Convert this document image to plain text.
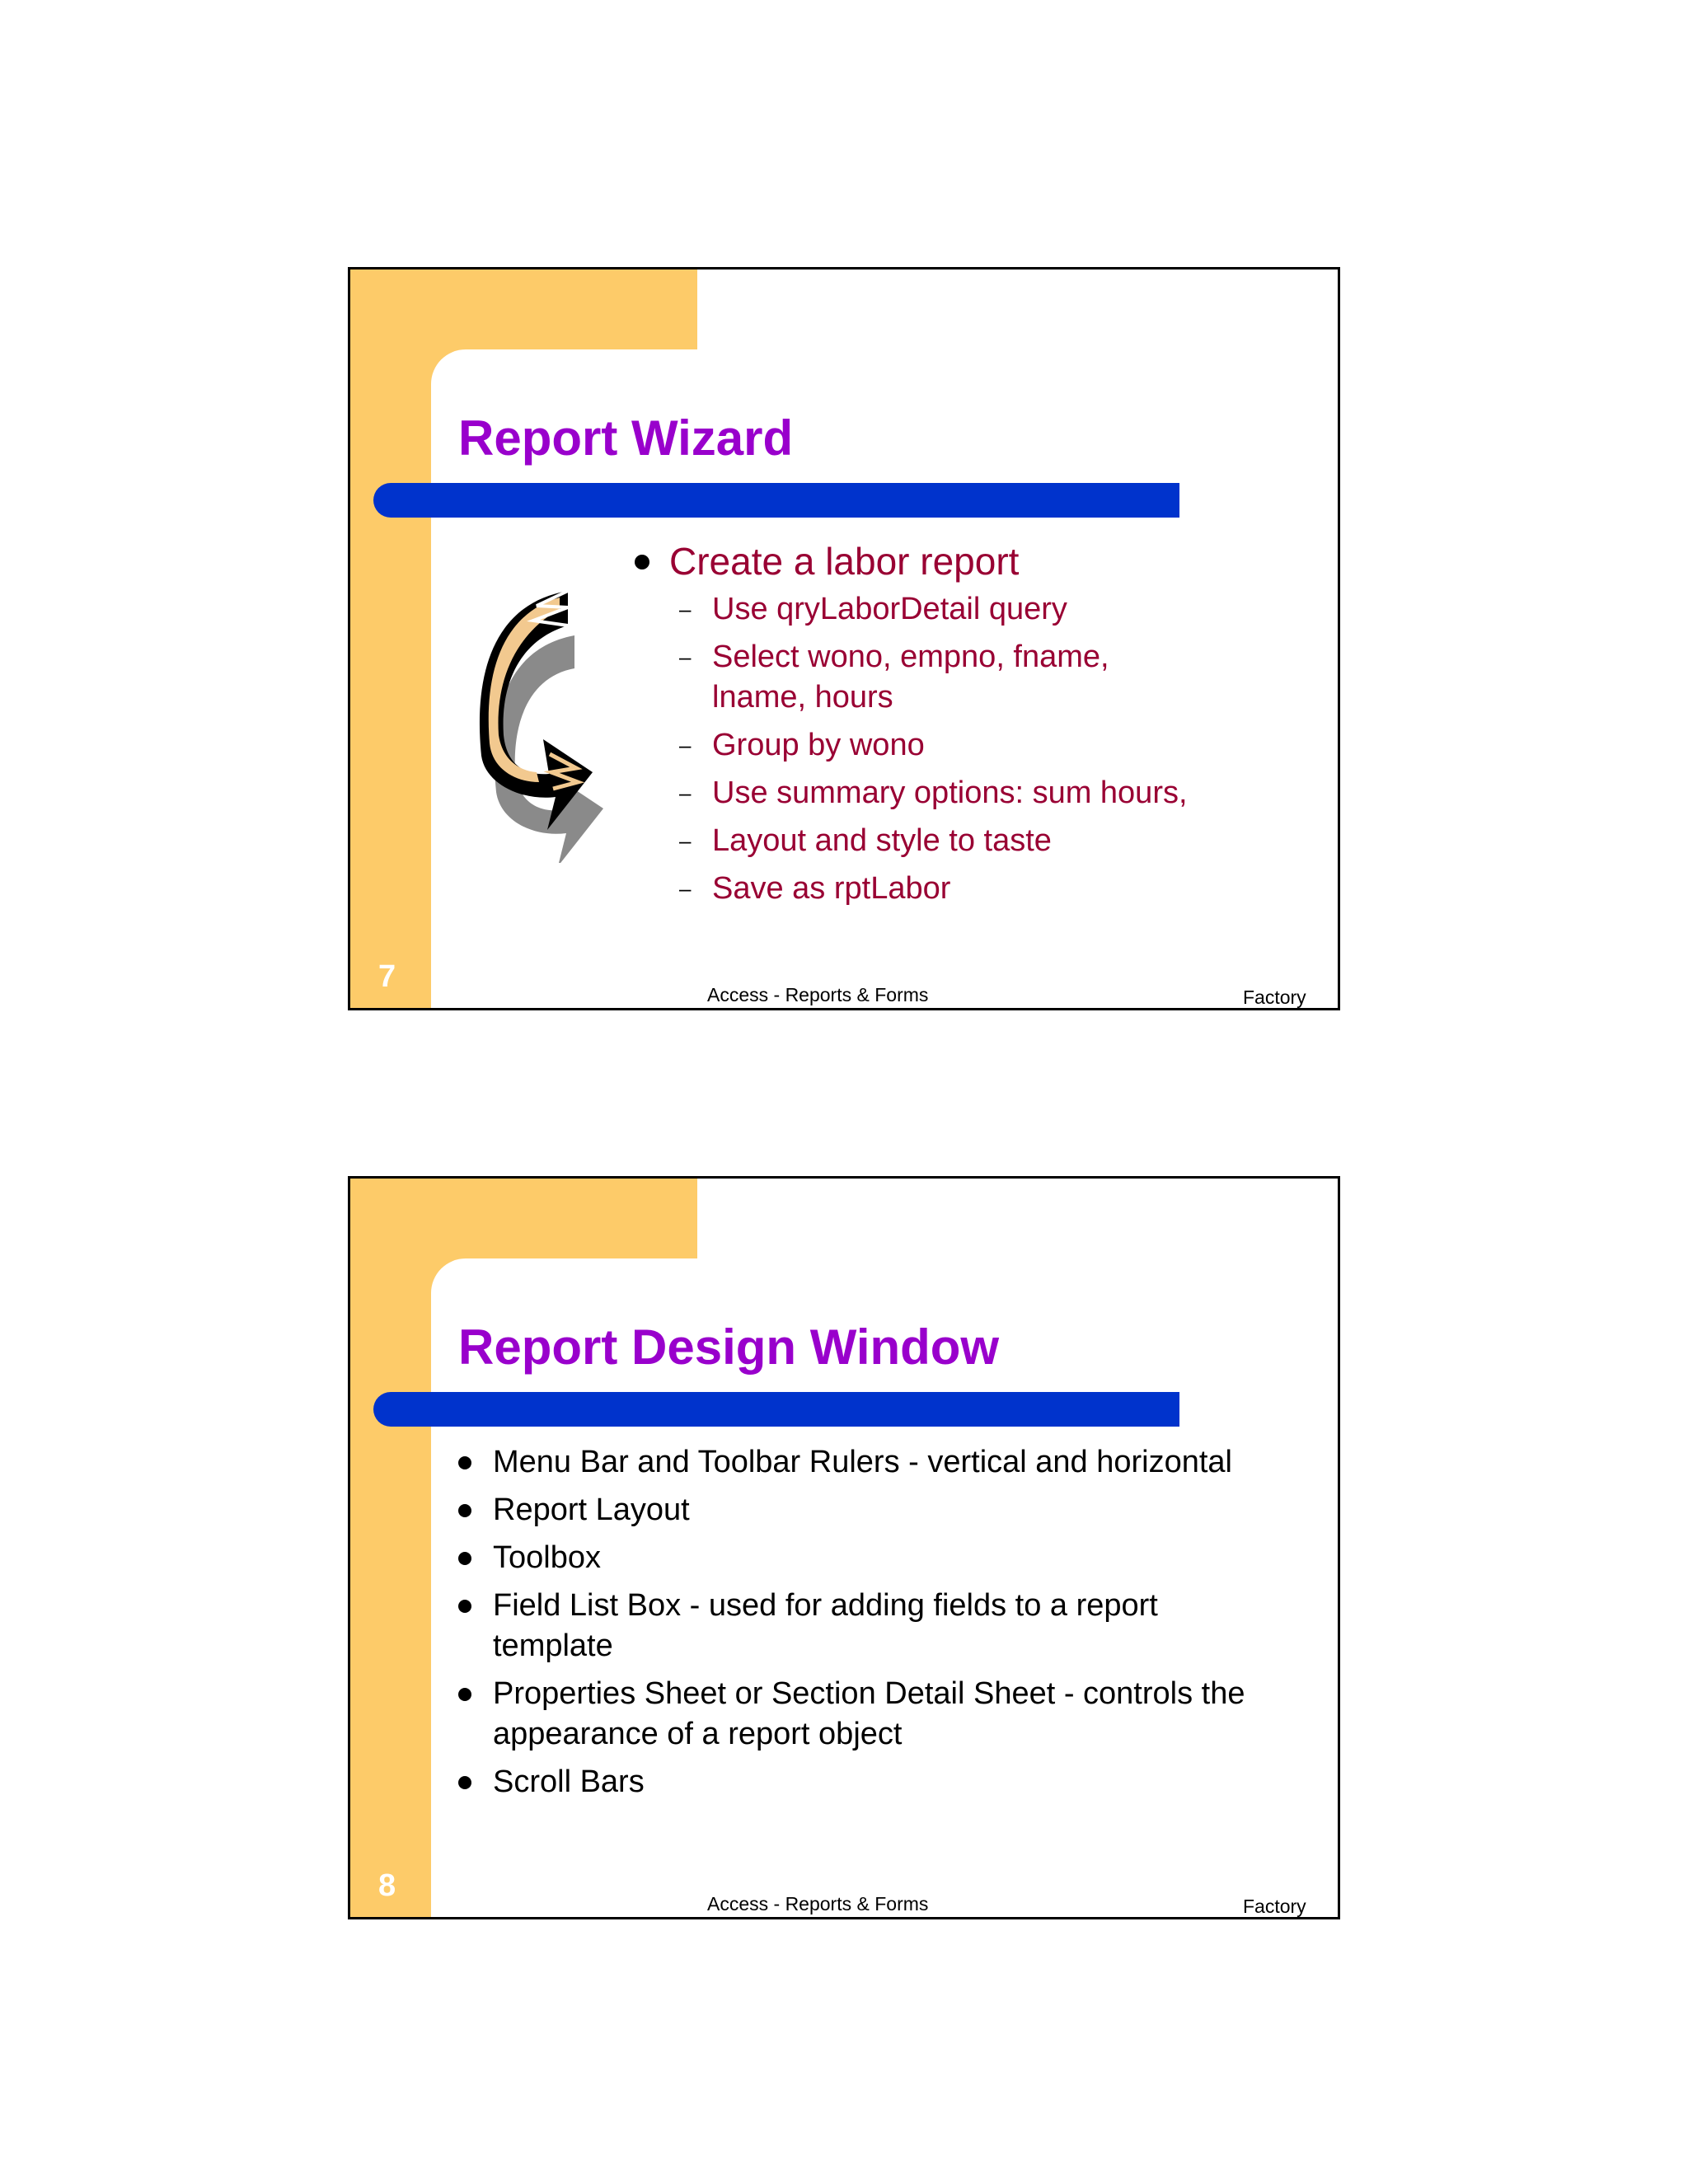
Report Wizard
Create a labor report
– Use qryLaborDetail query
– Select wono, empno, fname, lname, hours
– Group by wono
– Use summary options: sum hours,
– Layout and style to taste
– Save as rptLabor
7
Access - Reports & Forms	Factory
Report Design Window
Menu Bar and Toolbar Rulers - vertical and horizontal
Report Layout
Toolbox
Field List Box - used for adding fields to a report template
Properties Sheet or Section Detail Sheet - controls the appearance of a report object
Scroll Bars
8
Access - Reports & Forms	Factory
